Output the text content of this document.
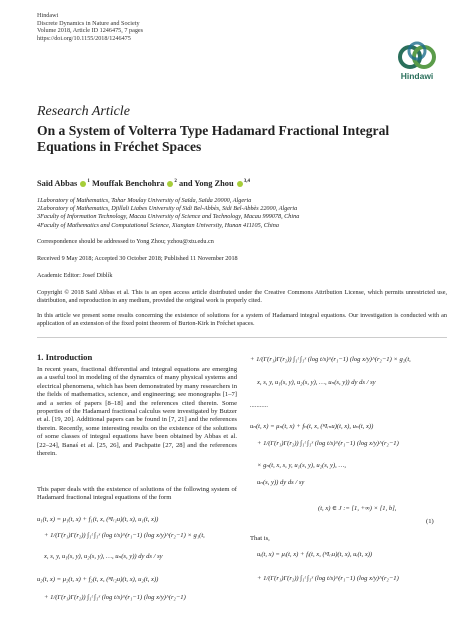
Hindawi
Discrete Dynamics in Nature and Society
Volume 2018, Article ID 1246475, 7 pages
https://doi.org/10.1155/2018/1246475
Hindawi
Research Article
On a System of Volterra Type Hadamard Fractional Integral Equations in Fréchet Spaces
Saïd Abbas $^1$ Mouffak Benchohra $^2$ and Yong Zhou $^{3,4}$
1Laboratory of Mathematics, Tahar Moulay University of Saïda, Saïda 20000, Algeria
2Laboratory of Mathematics, Djillali Liabes University of Sidi Bel-Abbès, Sidi Bel-Abbès 22000, Algeria
3Faculty of Information Technology, Macau University of Science and Technology, Macau 999078, China
4Faculty of Mathematics and Computational Science, Xiangtan University, Hunan 411105, China
Correspondence should be addressed to Yong Zhou; yzhou@xtu.edu.cn
Received 9 May 2018; Accepted 30 October 2018; Published 11 November 2018
Academic Editor: Josef Diblík
Copyright © 2018 Saïd Abbas et al. This is an open access article distributed under the Creative Commons Attribution License, which permits unrestricted use, distribution, and reproduction in any medium, provided the original work is properly cited.
In this article we present some results concerning the existence of solutions for a system of Hadamard integral equations. Our investigation is conducted with an application of an extension of the fixed point theorem of Burton-Kirk in Fréchet spaces.
1. Introduction
In recent years, fractional differential and integral equations are emerging as a useful tool in modeling of the dynamics of many physical systems and electrical phenomena, which has been demonstrated by many researchers in the fields of mathematics, science, and engineering; see monographs [1–7] and a series of papers [8–18] and the references cited therein. Some properties of the Hadamard fractional calculus were investigated by Butzer et al. [19, 20]. Additional papers can be found in [7, 21] and the references therein. Recently, some interesting results on the existence of the solutions of some classes of integral equations have been obtained by Abbas et al. [22–24], Banaś et al. [25, 26], and Pachpatte [27, 28] and the references therein.
This paper deals with the existence of solutions of the following system of Hadamard fractional integral equations of the form
u₁(t, x) = μ₁(t, x) + f₁(t, x, (ᴴIᵣ₁u)(t, x), u₁(t, x))
+ 1/(Γ(r₁)Γ(r₂)) ∫₁ᵗ ∫₁ˣ (log t/s)^(r₁−1) (log x/y)^(r₂−1) × g₁(t,
x, s, y, u₁(s, y), u₂(s, y), …, uₙ(s, y)) dy ds / sy
u₂(t, x) = μ₂(t, x) + f₂(t, x, (ᴴIᵣ₂u)(t, x), u₂(t, x))
+ 1/(Γ(r₁)Γ(r₂)) ∫₁ᵗ ∫₁ˣ (log t/s)^(r₁−1) (log x/y)^(r₂−1)
+ 1/(Γ(r₁)Γ(r₂)) ∫₁ᵗ ∫₁ˣ (log t/s)^(r₁−1) (log x/y)^(r₂−1) × g₂(t,
x, s, y, u₁(s, y), u₂(s, y), …, uₙ(s, y)) dy ds / sy
...........
uₙ(t, x) = μₙ(t, x) + fₙ(t, x, (ᴴIᵣₙu)(t, x), uₙ(t, x))
+ 1/(Γ(r₁)Γ(r₂)) ∫₁ᵗ ∫₁ˣ (log t/s)^(r₁−1) (log x/y)^(r₂−1)
× gₙ(t, x, s, y, u₁(s, y), u₂(s, y), …,
uₙ(s, y)) dy ds / sy
(t, x) ∈ J := [1, +∞) × [1, b],
(1)
That is,
uᵢ(t, x) = μᵢ(t, x) + fᵢ(t, x, (ᴴIᵣᵢu)(t, x), uᵢ(t, x))
+ 1/(Γ(r₁)Γ(r₂)) ∫₁ᵗ ∫₁ˣ (log t/s)^(r₁−1) (log x/y)^(r₂−1)
